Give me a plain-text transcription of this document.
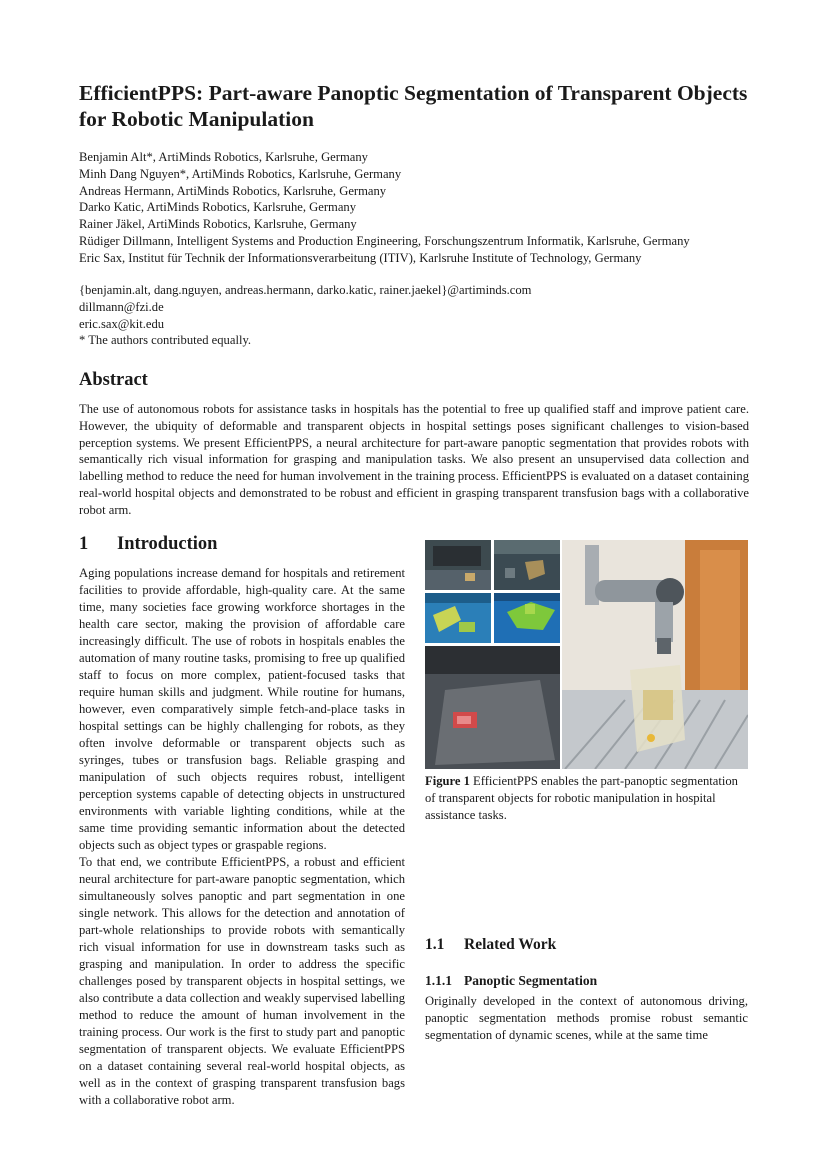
EfficientPPS: Part-aware Panoptic Segmentation of Transparent Objects for Robotic Manipulation
Benjamin Alt*, ArtiMinds Robotics, Karlsruhe, Germany
Minh Dang Nguyen*, ArtiMinds Robotics, Karlsruhe, Germany
Andreas Hermann, ArtiMinds Robotics, Karlsruhe, Germany
Darko Katic, ArtiMinds Robotics, Karlsruhe, Germany
Rainer Jäkel, ArtiMinds Robotics, Karlsruhe, Germany
Rüdiger Dillmann, Intelligent Systems and Production Engineering, Forschungszentrum Informatik, Karlsruhe, Germany
Eric Sax, Institut für Technik der Informationsverarbeitung (ITIV), Karlsruhe Institute of Technology, Germany
{benjamin.alt, dang.nguyen, andreas.hermann, darko.katic, rainer.jaekel}@artiminds.com
dillmann@fzi.de
eric.sax@kit.edu
* The authors contributed equally.
Abstract

The use of autonomous robots for assistance tasks in hospitals has the potential to free up qualified staff and improve patient care. However, the ubiquity of deformable and transparent objects in hospital settings poses significant challenges to vision-based perception systems. We present EfficientPPS, a neural architecture for part-aware panoptic segmentation that provides robots with semantically rich visual information for grasping and manipulation tasks. We also present an unsupervised data collection and labelling method to reduce the need for human involvement in the training process. EfficientPPS is evaluated on a dataset containing real-world hospital objects and demonstrated to be robust and efficient in grasping transparent transfusion bags with a collaborative robot arm.

1 Introduction

Aging populations increase demand for hospitals and retirement facilities to provide affordable, high-quality care. At the same time, many societies face growing workforce shortages in the health care sector, making the provision of affordable care increasingly difficult. The use of robots in hospitals enables the automation of many routine tasks, promising to free up qualified staff to focus on more complex, patient-focused tasks that require human skills and judgment. While routine for humans, however, even comparatively simple fetch-and-place tasks in hospital settings can be highly challenging for robots, as they often involve deformable or transparent objects such as syringes, tubes or transfusion bags. Reliable grasping and manipulation of such objects requires robust, intelligent perception systems capable of detecting objects in unstructured environments with variable lighting conditions, while at the same time providing semantic information about the detected objects such as object types or graspable regions.

To that end, we contribute EfficientPPS, a robust and efficient neural architecture for part-aware panoptic segmentation, which simultaneously solves panoptic and part segmentation in one single network. This allows for the detection and annotation of part-whole relationships to provide robots with semantically rich visual information for use in downstream tasks such as grasping and manipulation. In order to address the specific challenges posed by transparent objects in hospital settings, we also contribute a data collection and weakly supervised labelling method to reduce the amount of human involvement in the training process. Our work is the first to study part and panoptic segmentation of transparent objects. We evaluate EfficientPPS on a dataset containing several real-world hospital objects, as well as in the context of grasping transparent transfusion bags with a collaborative robot arm.

Figure 1 EfficientPPS enables the part-panoptic segmentation of transparent objects for robotic manipulation in hospital assistance tasks.

1.1 Related Work
1.1.1 Panoptic Segmentation

Originally developed in the context of autonomous driving, panoptic segmentation methods promise robust semantic segmentation of dynamic scenes, while at the same time
